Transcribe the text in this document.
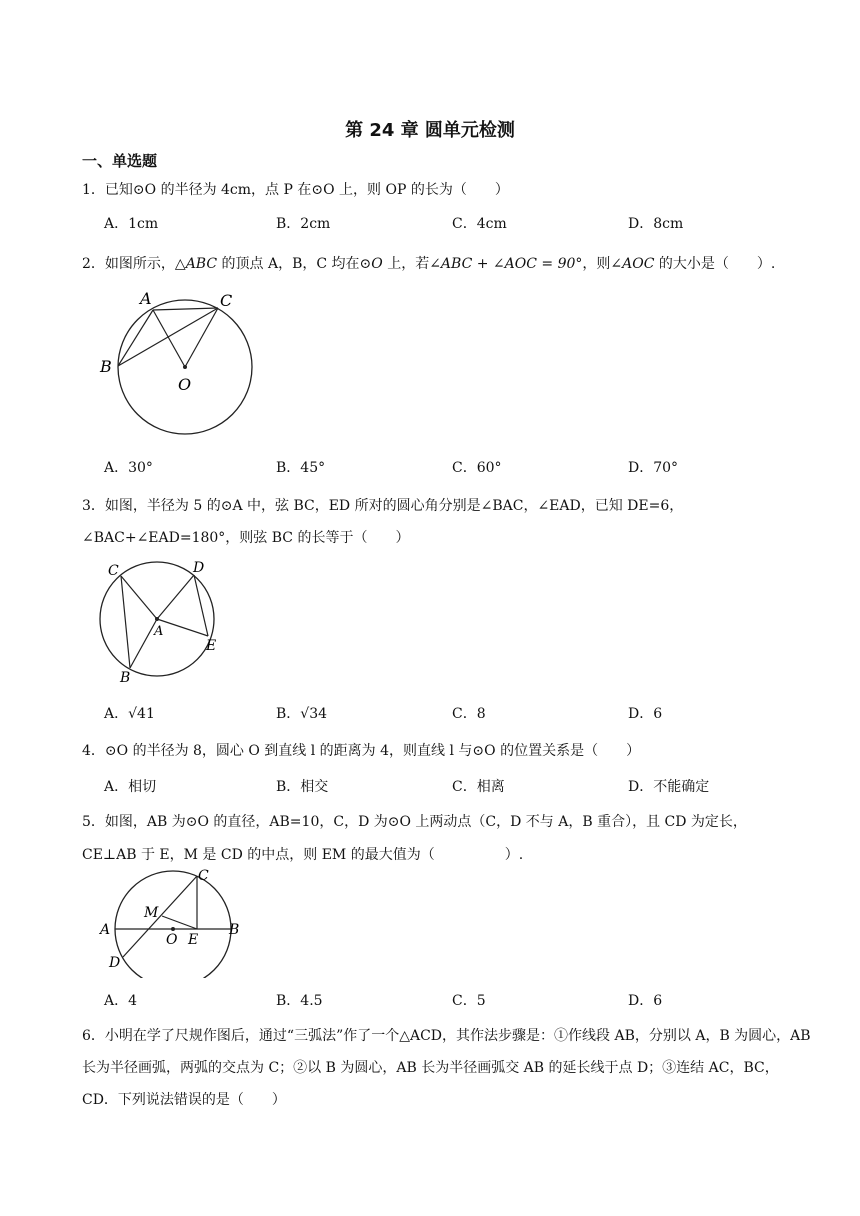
第 24 章 圆单元检测
一、单选题
1．已知⊙O 的半径为 4cm，点 P 在⊙O 上，则 OP 的长为（　　）
A．1cm	B．2cm	C．4cm	D．8cm
2．如图所示，△ABC 的顶点 A，B，C 均在⊙O 上，若∠ABC + ∠AOC = 90°，则∠AOC 的大小是（　　）.
A	C
B
O
A．30°	B．45°	C．60°	D．70°
3．如图，半径为 5 的⊙A 中，弦 BC，ED 所对的圆心角分别是∠BAC，∠EAD，已知 DE=6，
∠BAC+∠EAD=180°，则弦 BC 的长等于（　　）
C	D
A
E
B
A．√41	B．√34	C．8	D．6
4．⊙O 的半径为 8，圆心 O 到直线 l 的距离为 4，则直线 l 与⊙O 的位置关系是（　　）
A．相切	B．相交	C．相离	D．不能确定
5．如图，AB 为⊙O 的直径，AB=10，C，D 为⊙O 上两动点（C，D 不与 A，B 重合），且 CD 为定长，
CE⊥AB 于 E，M 是 CD 的中点，则 EM 的最大值为（　　　　　）.
C
M
A
O E
B
D
A．4	B．4.5	C．5	D．6
6．小明在学了尺规作图后，通过“三弧法”作了一个△ACD，其作法步骤是：①作线段 AB，分别以 A，B 为圆心，AB 长为半径画弧，两弧的交点为 C；②以 B 为圆心，AB 长为半径画弧交 AB 的延长线于点 D；③连结 AC，BC，CD．下列说法错误的是（　　）
